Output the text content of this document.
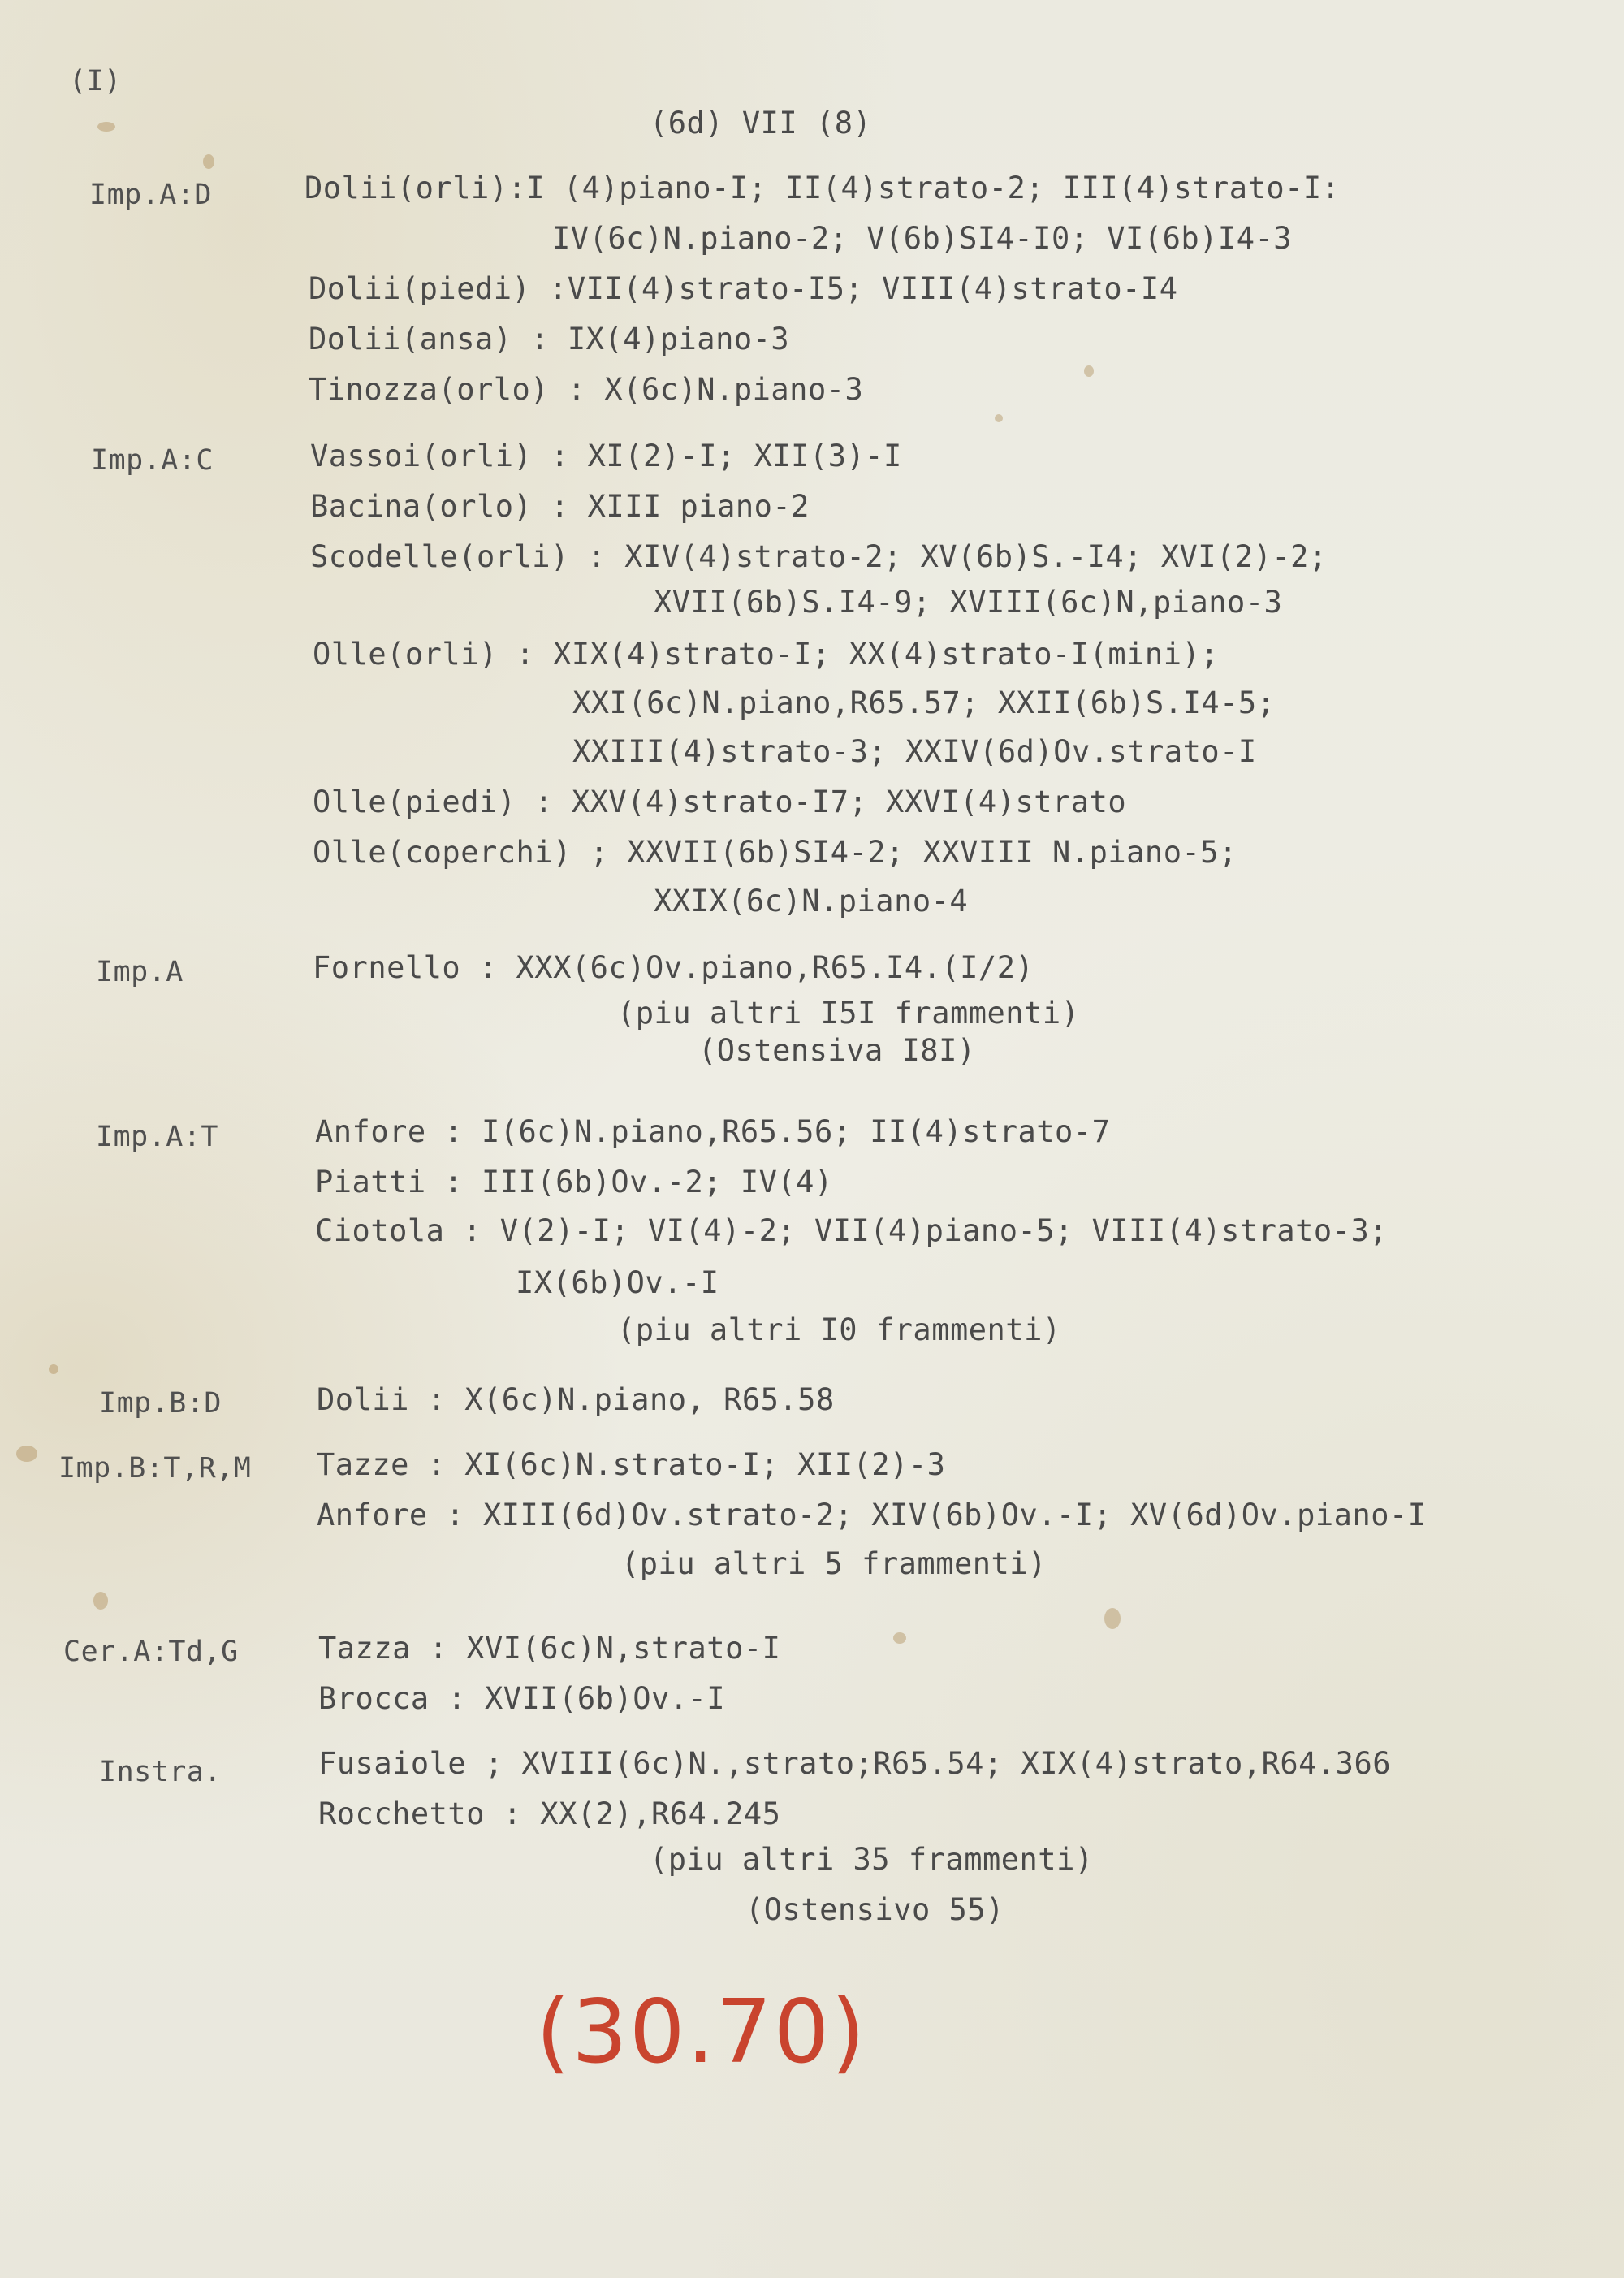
(I)
(6d) VII (8)
Imp.A:D	Dolii(orli):I (4)piano-I; II(4)strato-2; III(4)strato-I:
IV(6c)N.piano-2; V(6b)SI4-I0; VI(6b)I4-3
Dolii(piedi) :VII(4)strato-I5; VIII(4)strato-I4
Dolii(ansa) : IX(4)piano-3
Tinozza(orlo) : X(6c)N.piano-3
Imp.A:C	Vassoi(orli) : XI(2)-I; XII(3)-I
Bacina(orlo) : XIII piano-2
Scodelle(orli) : XIV(4)strato-2; XV(6b)S.-I4; XVI(2)-2;
XVII(6b)S.I4-9; XVIII(6c)N,piano-3
Olle(orli) : XIX(4)strato-I; XX(4)strato-I(mini);
XXI(6c)N.piano,R65.57; XXII(6b)S.I4-5;
XXIII(4)strato-3; XXIV(6d)Ov.strato-I
Olle(piedi) : XXV(4)strato-I7; XXVI(4)strato
Olle(coperchi) ; XXVII(6b)SI4-2; XXVIII N.piano-5;
XXIX(6c)N.piano-4
Imp.A	Fornello : XXX(6c)Ov.piano,R65.I4.(I/2)
(piu altri I5I frammenti)
(Ostensiva I8I)
Imp.A:T	Anfore : I(6c)N.piano,R65.56; II(4)strato-7
Piatti : III(6b)Ov.-2; IV(4)
Ciotola : V(2)-I; VI(4)-2; VII(4)piano-5; VIII(4)strato-3;
IX(6b)Ov.-I
(piu altri I0 frammenti)
Imp.B:D	Dolii : X(6c)N.piano, R65.58
Imp.B:T,R,M Tazze : XI(6c)N.strato-I; XII(2)-3
Anfore : XIII(6d)Ov.strato-2; XIV(6b)Ov.-I; XV(6d)Ov.piano-I
(piu altri 5 frammenti)
Cer.A:Td,G	Tazza : XVI(6c)N,strato-I
Brocca : XVII(6b)Ov.-I
Instra.	Fusaiole ; XVIII(6c)N.,strato;R65.54; XIX(4)strato,R64.366
Rocchetto : XX(2),R64.245
(piu altri 35 frammenti)
(Ostensivo 55)
(30.70)
